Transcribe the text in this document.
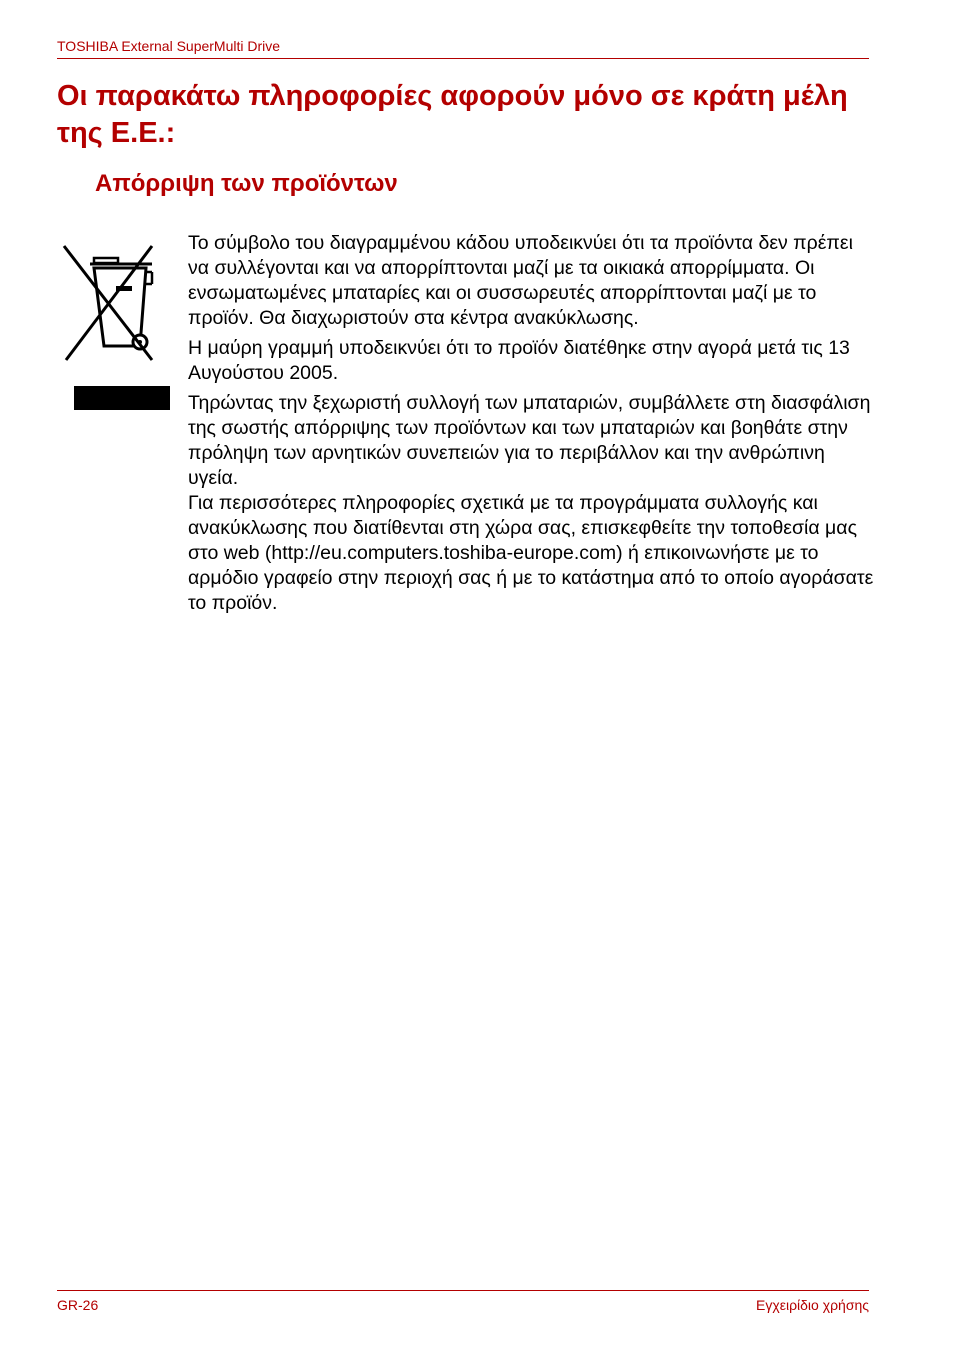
TOSHIBA External SuperMulti Drive
Οι παρακάτω πληροφορίες αφορούν μόνο σε κράτη μέλη της Ε.Ε.:
Απόρριψη των προϊόντων

Το σύμβολο του διαγραμμένου κάδου υποδεικνύει ότι τα προϊόντα δεν πρέπει να συλλέγονται και να απορρίπτονται μαζί με τα οικιακά απορρίμματα. Οι ενσωματωμένες μπαταρίες και οι συσσωρευτές απορρίπτονται μαζί με το προϊόν. Θα διαχωριστούν στα κέντρα ανακύκλωσης.

Η μαύρη γραμμή υποδεικνύει ότι το προϊόν διατέθηκε στην αγορά μετά τις 13 Αυγούστου 2005.

Τηρώντας την ξεχωριστή συλλογή των μπαταριών, συμβάλλετε στη διασφάλιση της σωστής απόρριψης των προϊόντων και των μπαταριών και βοηθάτε στην πρόληψη των αρνητικών συνεπειών για το περιβάλλον και την ανθρώπινη υγεία.

Για περισσότερες πληροφορίες σχετικά με τα προγράμματα συλλογής και ανακύκλωσης που διατίθενται στη χώρα σας, επισκεφθείτε την τοποθεσία μας στο web (http://eu.computers.toshiba-europe.com) ή επικοινωνήστε με το αρμόδιο γραφείο στην περιοχή σας ή με το κατάστημα από το οποίο αγοράσατε το προϊόν.

GR-26	Εγχειρίδιο χρήσης
